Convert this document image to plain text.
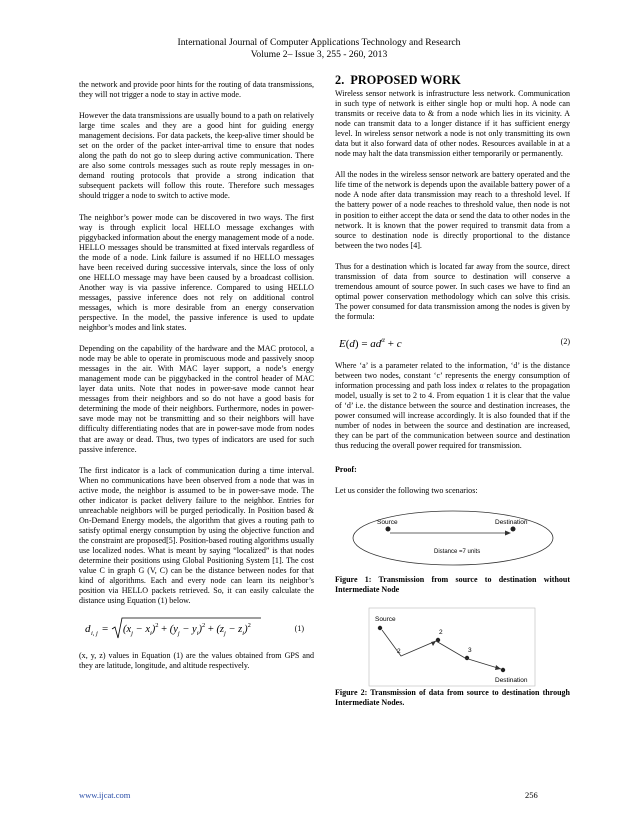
International Journal of Computer Applications Technology and Research
Volume 2– Issue 3, 255 - 260, 2013

the network and provide poor hints for the routing of data transmissions, they will not trigger a node to stay in active mode.

However the data transmissions are usually bound to a path on relatively large time scales and they are a good hint for guiding energy management decisions. For data packets, the keep-alive timer should be set on the order of the packet inter-arrival time to ensure that nodes along the path do not go to sleep during active communication. There are also some controls messages such as route reply messages in on-demand routing protocols that provide a strong indication that subsequent packets will follow this route. Therefore such messages should trigger a node to switch to active mode.

The neighbor’s power mode can be discovered in two ways. The first way is through explicit local HELLO message exchanges with piggybacked information about the energy management mode of a node. HELLO messages should be transmitted at fixed intervals regardless of the mode of a node. Link failure is assumed if no HELLO messages have been received during successive intervals, since the loss of only one HELLO message may have been caused by a broadcast collision. Another way is via passive inference. Compared to using HELLO messages, passive inference does not rely on additional control messages, which is more desirable from an energy conservation perspective. In the model, the passive inference is used to update neighbor’s modes and link states.

Depending on the capability of the hardware and the MAC protocol, a node may be able to operate in promiscuous mode and passively snoop messages in the air. With MAC layer support, a node’s energy management mode can be piggybacked in the control header of MAC layer data units. Note that nodes in power-save mode cannot hear messages from their neighbors and so do not have a good basis for determining the mode of their neighbors. Furthermore, nodes in power-save mode may not be transmitting and so their neighbors will have difficulty differentiating nodes that are in power-save mode from nodes that are away or dead. Thus, two types of indicators are used for such passive inference.

The first indicator is a lack of communication during a time interval. When no communications have been observed from a node that was in active mode, the neighbor is assumed to be in power-save mode. The other indicator is packet delivery failure to the neighbor. Entries for unreachable neighbors will be purged periodically. In Position based & On-Demand Energy models, the algorithm that gives a routing path to satisfy optimal energy consumption by using the objective function and the constraint are proposed[5]. Position-based routing algorithms usually use localized nodes. What is meant by saying “localized” is that nodes determine their positions using Global Positioning System [1]. The cost value C in graph G (V, C) can be the distance between nodes for that kind of algorithms. Each and every node can learn its neighbor’s position via HELLO packets retrieved. So, it can easily calculate the distance using Equation (1) below.

d i, $j = (x_j - x_i)^2 + (y_j - y_i)^2 + (z_j - z_i)^2$	(1)

(x, y, z) values in Equation (1) are the values obtained from GPS and they are latitude, longitude, and altitude respectively.

2. PROPOSED WORK

Wireless sensor network is infrastructure less network. Communication in such type of network is either single hop or multi hop. A node can transmits or receive data to & from a node which lies in its vicinity. A node can transmit data to a longer distance if it has sufficient energy level. In wireless sensor network a node is not only transmitting its own data but it also forward data of other nodes. Resources available in at a node may halt the data transmission either temporarily or permanently.

All the nodes in the wireless sensor network are battery operated and the life time of the network is depends upon the available battery power of a node A node after data transmission may reach to a threshold level. If the battery power of a node reaches to threshold value, then node is not in position to either accept the data or send the data to other nodes in the network. It is known that the power required to transmit data from a source to destination node is directly proportional to the distance between the two nodes [4].

Thus for a destination which is located far away from the source, direct transmission of data from source to destination will conserve a tremendous amount of source power. In such cases we have to find an optimal power conservation methodology which can solve this crisis. The power consumed for data transmission among the nodes is given by the formula:

$E(d) = ad^\alpha + c$	(2)

Where ‘a’ is a parameter related to the information, ‘d’ is the distance between two nodes, constant ‘c’ represents the energy consumption of information processing and path loss index α relates to the propagation model, usually is set to 2 to 4. From equation 1 it is clear that the value of ‘d’ i.e. the distance between the source and destination increases, the power consumed will increase accordingly. It is also founded that if the number of nodes in between the source and destination are increased, they can be part of the communication between source and destination thus reducing the overall power required for transmission.

Proof:

Let us consider the following two scenarios:

Source	Destination
Distance =7 units

Figure 1: Transmission from source to destination without Intermediate Node

Source
2
2
3
Destination

Figure 2: Transmission of data from source to destination through Intermediate Nodes.

www.ijcat.com	256
